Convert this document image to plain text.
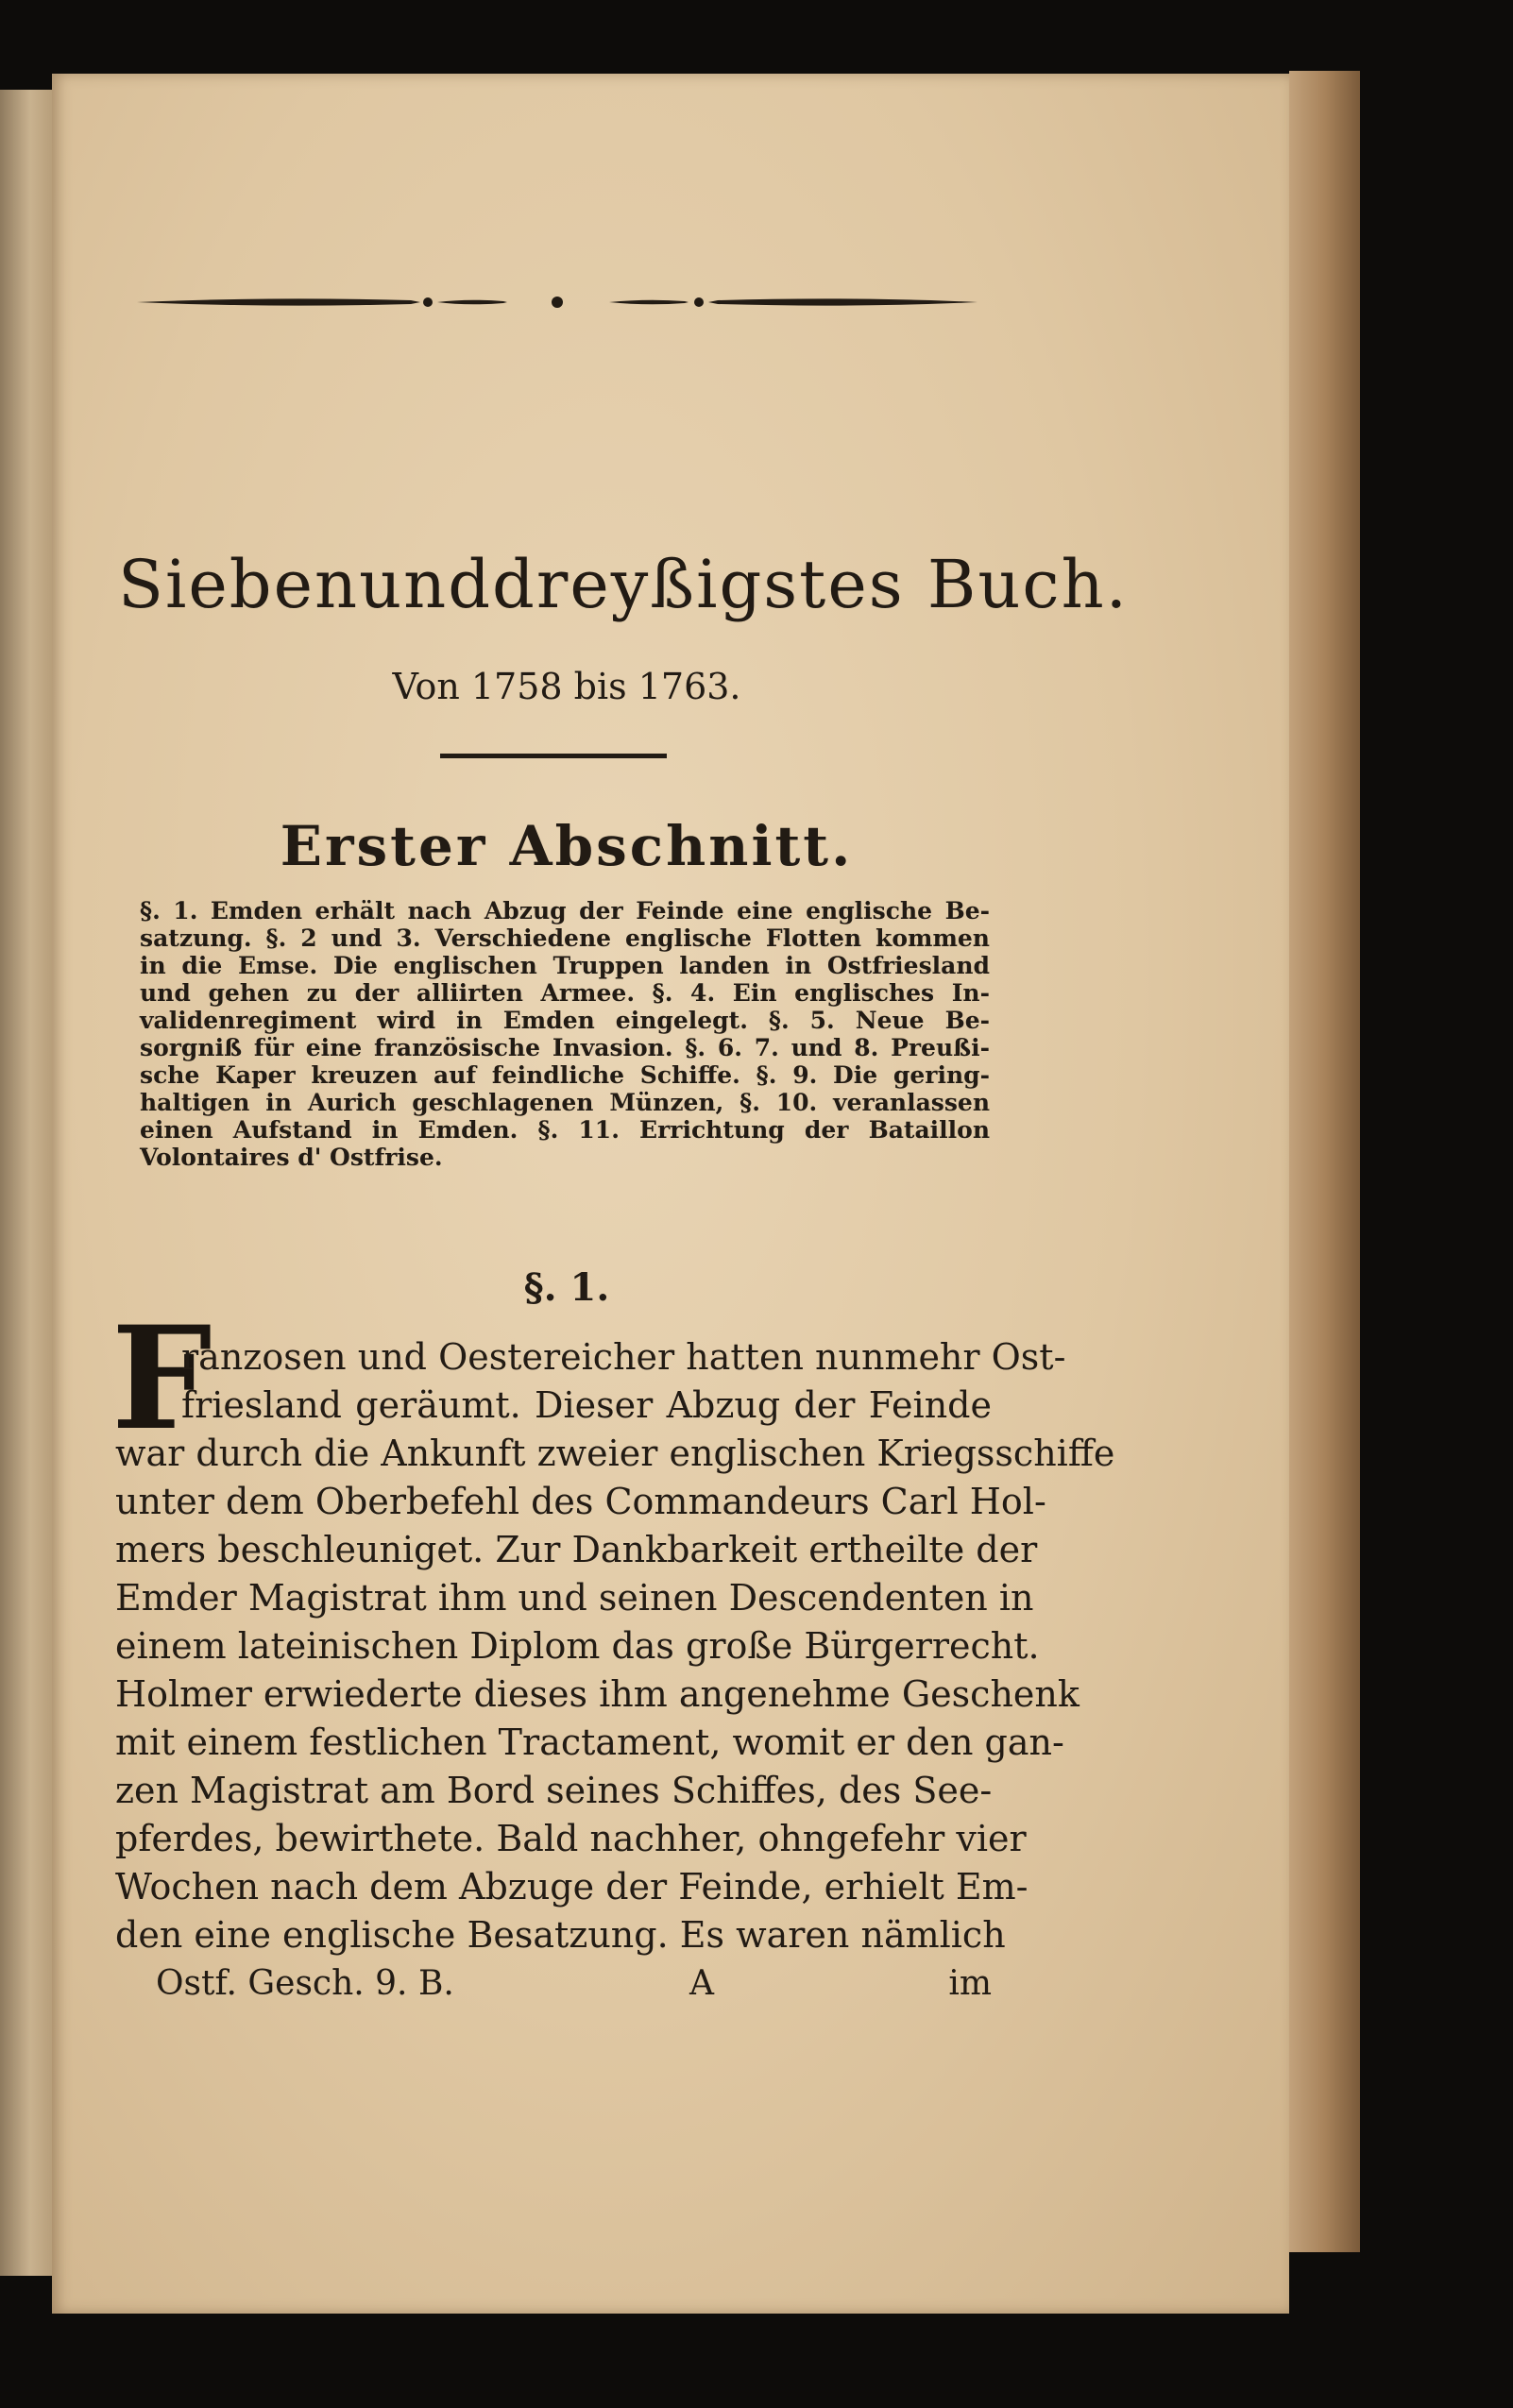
Siebenunddreyßigstes Buch.
Von 1758 bis 1763.
Erster Abschnitt.
§. 1. Emden erhält nach Abzug der Feinde eine englische Be-
satzung. §. 2 und 3. Verschiedene englische Flotten kommen
in die Emse. Die englischen Truppen landen in Ostfriesland
und gehen zu der alliirten Armee. §. 4. Ein englisches In-
validenregiment wird in Emden eingelegt. §. 5. Neue Be-
sorgniß für eine französische Invasion. §. 6. 7. und 8. Preußi-
sche Kaper kreuzen auf feindliche Schiffe. §. 9. Die gering-
haltigen in Aurich geschlagenen Münzen, §. 10. veranlassen
einen Aufstand in Emden. §. 11. Errichtung der Bataillon
Volontaires d' Ostfrise.
§. 1.
F
ranzosen und Oestereicher hatten nunmehr Ost-
friesland geräumt. Dieser Abzug der Feinde
war durch die Ankunft zweier englischen Kriegsschiffe
unter dem Oberbefehl des Commandeurs Carl Hol-
mers beschleuniget. Zur Dankbarkeit ertheilte der
Emder Magistrat ihm und seinen Descendenten in
einem lateinischen Diplom das große Bürgerrecht.
Holmer erwiederte dieses ihm angenehme Geschenk
mit einem festlichen Tractament, womit er den gan-
zen Magistrat am Bord seines Schiffes, des See-
pferdes, bewirthete. Bald nachher, ohngefehr vier
Wochen nach dem Abzuge der Feinde, erhielt Em-
den eine englische Besatzung. Es waren nämlich
Ostf. Gesch. 9. B.	A	im
